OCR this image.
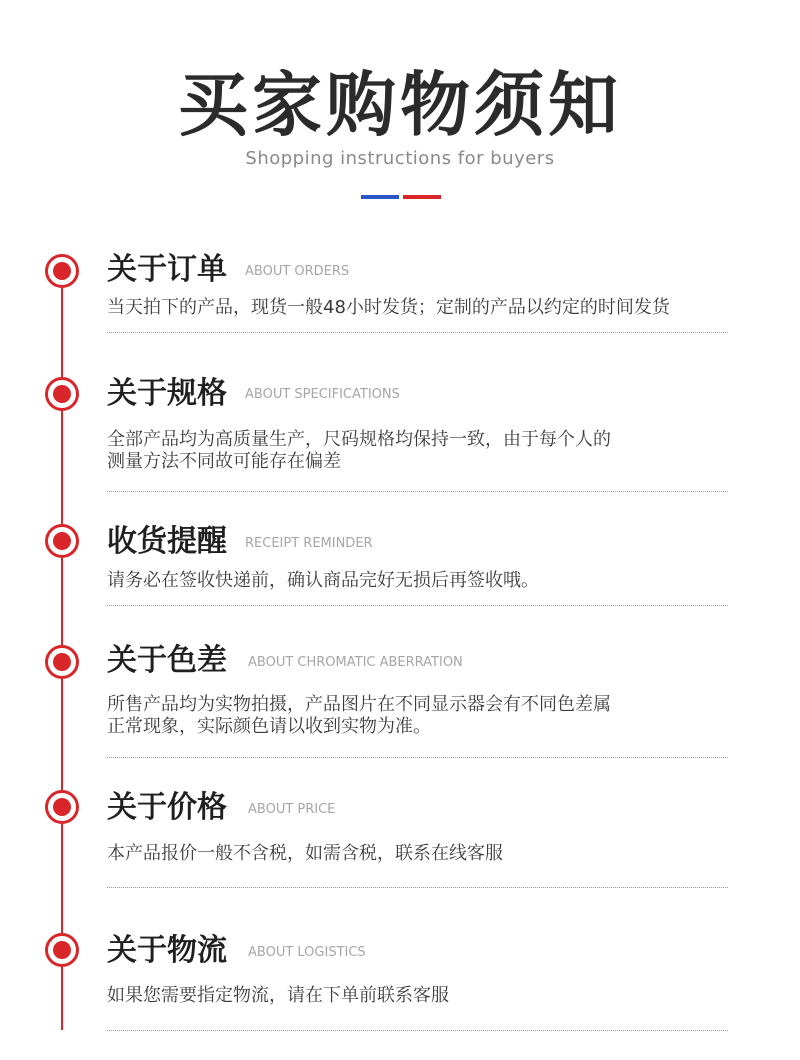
买家购物须知
Shopping instructions for buyers
关于订单 ABOUT ORDERS
当天拍下的产品，现货一般48小时发货；定制的产品以约定的时间发货
关于规格 ABOUT SPECIFICATIONS
全部产品均为高质量生产，尺码规格均保持一致，由于每个人的
测量方法不同故可能存在偏差
收货提醒 RECEIPT REMINDER
请务必在签收快递前，确认商品完好无损后再签收哦。
关于色差 ABOUT CHROMATIC ABERRATION
所售产品均为实物拍摄，产品图片在不同显示器会有不同色差属
正常现象，实际颜色请以收到实物为准。
关于价格 ABOUT PRICE
本产品报价一般不含税，如需含税，联系在线客服
关于物流 ABOUT LOGISTICS
如果您需要指定物流，请在下单前联系客服
